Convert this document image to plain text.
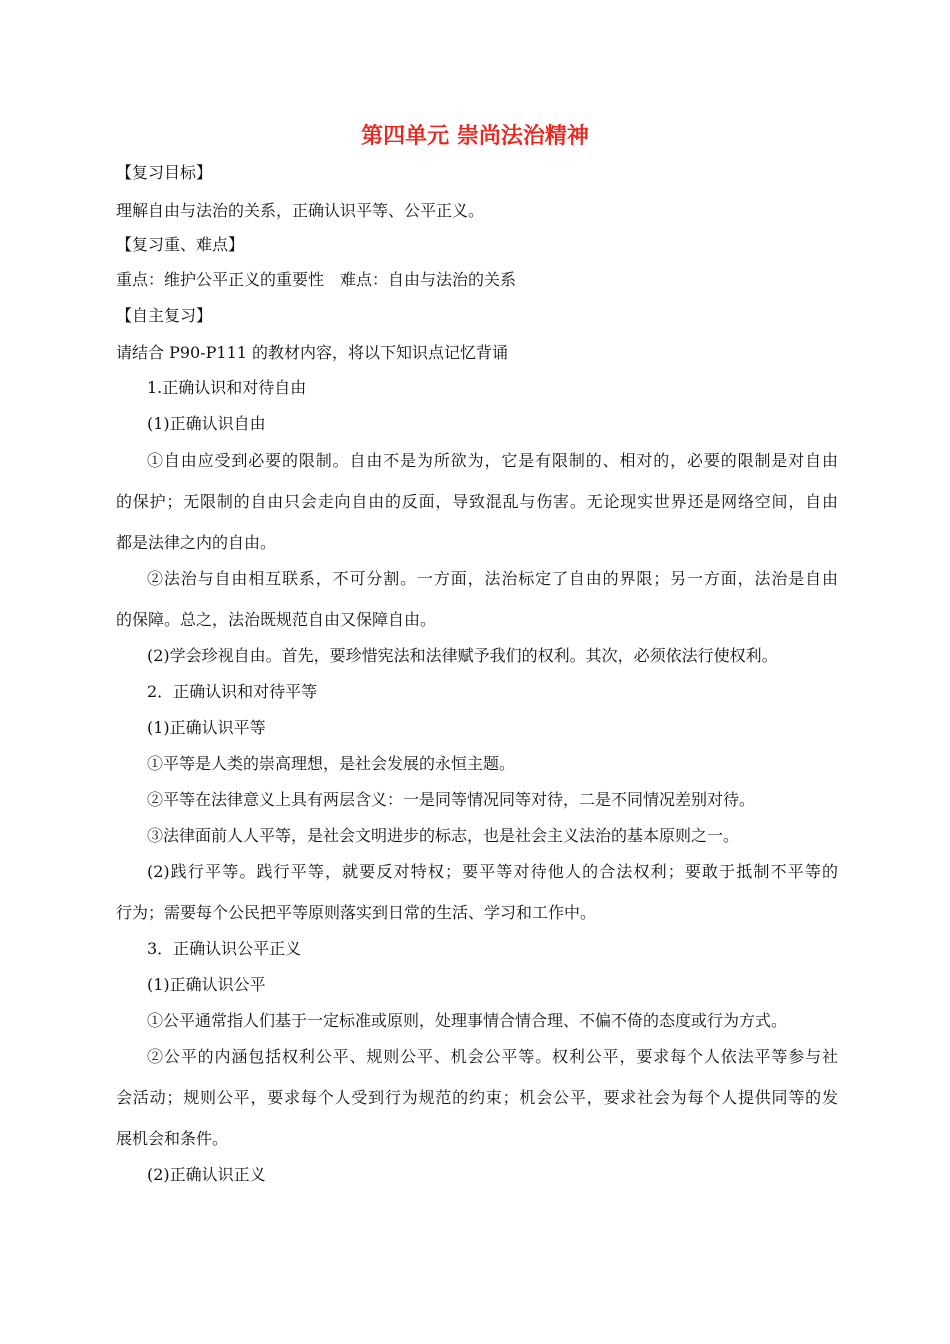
第四单元 崇尚法治精神
【复习目标】
理解自由与法治的关系，正确认识平等、公平正义。
【复习重、难点】
重点：维护公平正义的重要性　难点：自由与法治的关系
【自主复习】
请结合 P90-P111 的教材内容，将以下知识点记忆背诵
1.正确认识和对待自由
(1)正确认识自由
①自由应受到必要的限制。自由不是为所欲为，它是有限制的、相对的，必要的限制是对自由
的保护；无限制的自由只会走向自由的反面，导致混乱与伤害。无论现实世界还是网络空间，自由
都是法律之内的自由。
②法治与自由相互联系，不可分割。一方面，法治标定了自由的界限；另一方面，法治是自由
的保障。总之，法治既规范自由又保障自由。
(2)学会珍视自由。首先，要珍惜宪法和法律赋予我们的权利。其次，必须依法行使权利。
2．正确认识和对待平等
(1)正确认识平等
①平等是人类的崇高理想，是社会发展的永恒主题。
②平等在法律意义上具有两层含义：一是同等情况同等对待，二是不同情况差别对待。
③法律面前人人平等，是社会文明进步的标志，也是社会主义法治的基本原则之一。
(2)践行平等。践行平等，就要反对特权；要平等对待他人的合法权利；要敢于抵制不平等的
行为；需要每个公民把平等原则落实到日常的生活、学习和工作中。
3．正确认识公平正义
(1)正确认识公平
①公平通常指人们基于一定标准或原则，处理事情合情合理、不偏不倚的态度或行为方式。
②公平的内涵包括权利公平、规则公平、机会公平等。权利公平，要求每个人依法平等参与社
会活动；规则公平，要求每个人受到行为规范的约束；机会公平，要求社会为每个人提供同等的发
展机会和条件。
(2)正确认识正义
